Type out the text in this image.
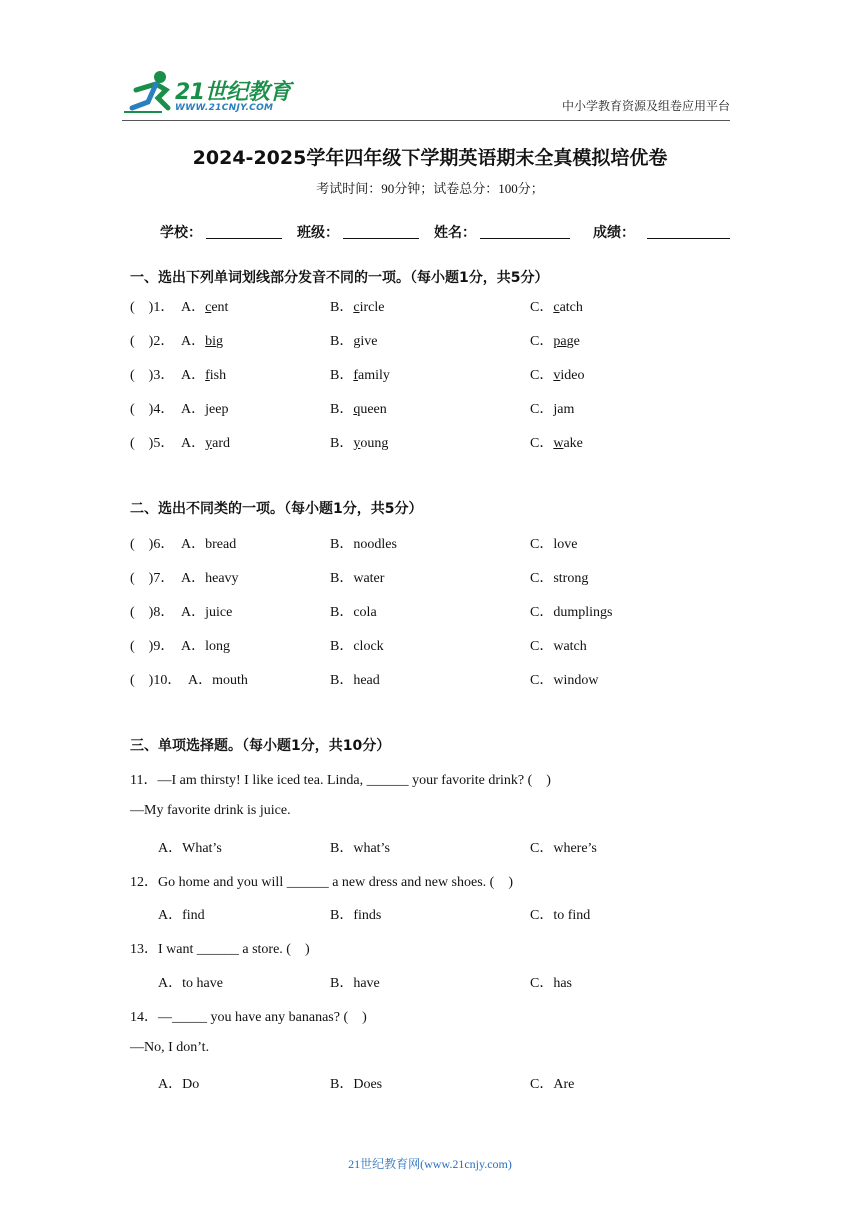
21世纪教育
WWW.21CNJY.COM	中小学教育资源及组卷应用平台
2024-2025学年四年级下学期英语期末全真模拟培优卷
考试时间：90分钟；试卷总分：100分；
学校：	班级：	姓名：	成绩：
一、选出下列单词划线部分发音不同的一项。（每小题1分，共5分）
(　)1． A．cent	B．circle	C．catch
(　)2． A．big	B．give	C．page
(　)3． A．fish	B．family	C．video
(　)4． A．jeep	B．queen	C．jam
(　)5． A．yard	B．young	C．wake
二、选出不同类的一项。（每小题1分，共5分）
(　)6． A．bread	B．noodles	C．love
(　)7． A．heavy	B．water	C．strong
(　)8． A．juice	B．cola	C．dumplings
(　)9． A．long	B．clock	C．watch
(　)10． A．mouth	B．head	C．window
三、单项选择题。（每小题1分，共10分）
11．—I am thirsty! I like iced tea. Linda, ______ your favorite drink? (　)
—My favorite drink is juice.
A．What’s	B．what’s	C．where’s
12．Go home and you will ______ a new dress and new shoes. (　)
A．find	B．finds	C．to find
13．I want ______ a store. (　)
A．to have	B．have	C．has
14．—_____ you have any bananas? (　)
—No, I don’t.
A．Do	B．Does	C．Are
21世纪教育网(www.21cnjy.com)
